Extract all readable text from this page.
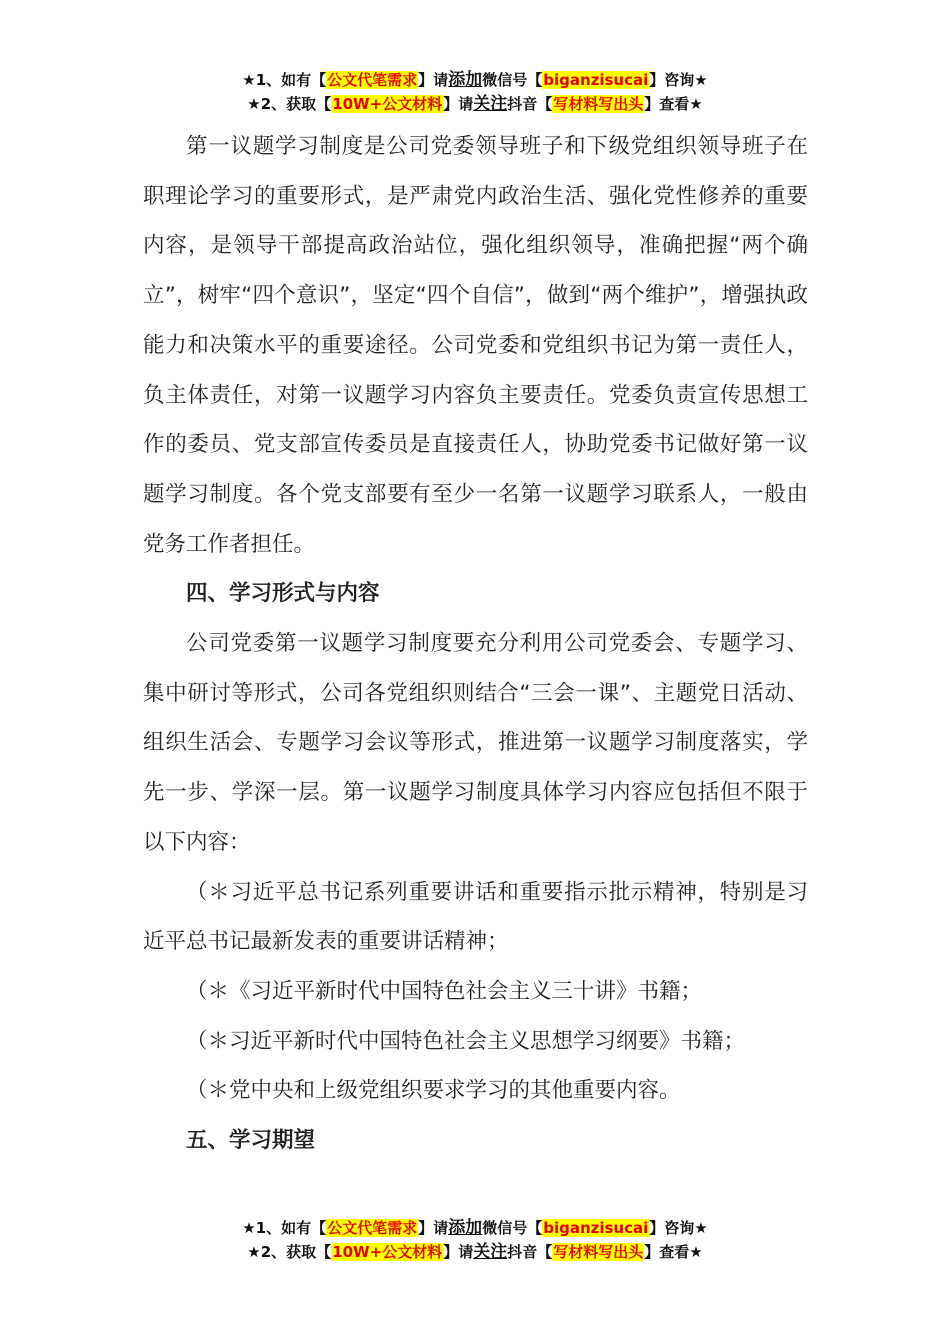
★1、如有【公文代笔需求】请添加微信号【biganzisucai】咨询★
★2、获取【10W+公文材料】请关注抖音【写材料写出头】查看★

第一议题学习制度是公司党委领导班子和下级党组织领导班子在职理论学习的重要形式，是严肃党内政治生活、强化党性修养的重要内容，是领导干部提高政治站位，强化组织领导，准确把握“两个确立”，树牢“四个意识”，坚定“四个自信”，做到“两个维护”，增强执政能力和决策水平的重要途径。公司党委和党组织书记为第一责任人，负主体责任，对第一议题学习内容负主要责任。党委负责宣传思想工作的委员、党支部宣传委员是直接责任人，协助党委书记做好第一议题学习制度。各个党支部要有至少一名第一议题学习联系人，一般由党务工作者担任。

四、学习形式与内容

公司党委第一议题学习制度要充分利用公司党委会、专题学习、集中研讨等形式，公司各党组织则结合“三会一课”、主题党日活动、组织生活会、专题学习会议等形式，推进第一议题学习制度落实，学先一步、学深一层。第一议题学习制度具体学习内容应包括但不限于以下内容：

（＊习近平总书记系列重要讲话和重要指示批示精神，特别是习近平总书记最新发表的重要讲话精神；

（＊《习近平新时代中国特色社会主义三十讲》书籍；

（＊习近平新时代中国特色社会主义思想学习纲要》书籍；

（＊党中央和上级党组织要求学习的其他重要内容。

五、学习期望

★1、如有【公文代笔需求】请添加微信号【biganzisucai】咨询★
★2、获取【10W+公文材料】请关注抖音【写材料写出头】查看★
